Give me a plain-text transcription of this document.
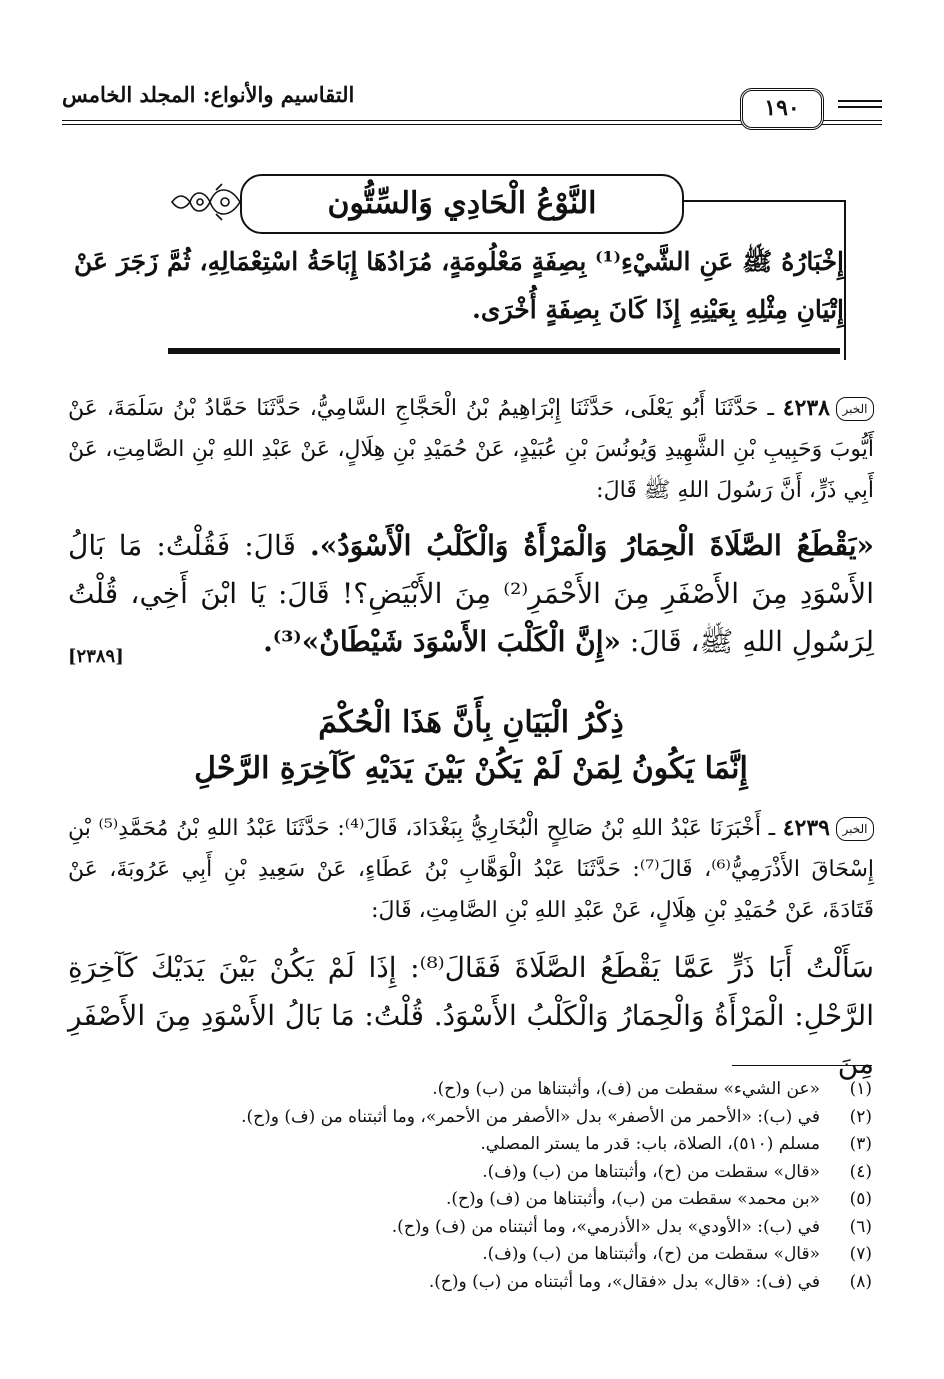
التقاسيم والأنواع: المجلد الخامس
١٩٠
النَّوْعُ الْحَادِي وَالسِّتُّون
إِخْبَارُهُ ﷺ عَنِ الشَّيْءِ⁽¹⁾ بِصِفَةٍ مَعْلُومَةٍ، مُرَادُهَا إِبَاحَةُ اسْتِعْمَالِهِ، ثُمَّ زَجَرَ عَنْ إِتْيَانِ مِثْلِهِ بِعَيْنِهِ إِذَا كَانَ بِصِفَةٍ أُخْرَى.
الخبر٤٢٣٨ ـ حَدَّثَنَا أَبُو يَعْلَى، حَدَّثَنَا إِبْرَاهِيمُ بْنُ الْحَجَّاجِ السَّامِيُّ، حَدَّثَنَا حَمَّادُ بْنُ سَلَمَةَ، عَنْ أَيُّوبَ وَحَبِيبِ بْنِ الشَّهِيدِ وَيُونُسَ بْنِ عُبَيْدٍ، عَنْ حُمَيْدِ بْنِ هِلَالٍ، عَنْ عَبْدِ اللهِ بْنِ الصَّامِتِ، عَنْ أَبِي ذَرٍّ، أَنَّ رَسُولَ اللهِ ﷺ قَالَ:
«يَقْطَعُ الصَّلَاةَ الْحِمَارُ وَالْمَرْأَةُ وَالْكَلْبُ الْأَسْوَدُ». قَالَ: فَقُلْتُ: مَا بَالُ الأَسْوَدِ مِنَ الأَصْفَرِ مِنَ الأَحْمَرِ⁽²⁾ مِنَ الأَبْيَضِ؟! قَالَ: يَا ابْنَ أَخِي، قُلْتُ لِرَسُولِ اللهِ ﷺ، قَالَ: «إِنَّ الْكَلْبَ الأَسْوَدَ شَيْطَانٌ»⁽³⁾.
[٢٣٨٩]
ذِكْرُ الْبَيَانِ بِأَنَّ هَذَا الْحُكْمَ
إِنَّمَا يَكُونُ لِمَنْ لَمْ يَكُنْ بَيْنَ يَدَيْهِ كَآخِرَةِ الرَّحْلِ
الخبر٤٢٣٩ ـ أَخْبَرَنَا عَبْدُ اللهِ بْنُ صَالِحٍ الْبُخَارِيُّ بِبَغْدَادَ، قَالَ⁽⁴⁾: حَدَّثَنَا عَبْدُ اللهِ بْنُ مُحَمَّدِ⁽⁵⁾ بْنِ إِسْحَاقَ الأَذْرَمِيُّ⁽⁶⁾، قَالَ⁽⁷⁾: حَدَّثَنَا عَبْدُ الْوَهَّابِ بْنُ عَطَاءٍ، عَنْ سَعِيدِ بْنِ أَبِي عَرُوبَةَ، عَنْ قَتَادَةَ، عَنْ حُمَيْدِ بْنِ هِلَالٍ، عَنْ عَبْدِ اللهِ بْنِ الصَّامِتِ، قَالَ:
سَأَلْتُ أَبَا ذَرٍّ عَمَّا يَقْطَعُ الصَّلَاةَ فَقَالَ⁽⁸⁾: إِذَا لَمْ يَكُنْ بَيْنَ يَدَيْكَ كَآخِرَةِ الرَّحْلِ: الْمَرْأَةُ وَالْحِمَارُ وَالْكَلْبُ الأَسْوَدُ. قُلْتُ: مَا بَالُ الأَسْوَدِ مِنَ الأَصْفَرِ مِنَ
(١)
«عن الشيء» سقطت من (ف)، وأثبتناها من (ب) و(ح).
(٢)
في (ب): «الأحمر من الأصفر» بدل «الأصفر من الأحمر»، وما أثبتناه من (ف) و(ح).
(٣)
مسلم (٥١٠)، الصلاة، باب: قدر ما يستر المصلي.
(٤)
«قال» سقطت من (ح)، وأثبتناها من (ب) و(ف).
(٥)
«بن محمد» سقطت من (ب)، وأثبتناها من (ف) و(ح).
(٦)
في (ب): «الأودي» بدل «الأذرمي»، وما أثبتناه من (ف) و(ح).
(٧)
«قال» سقطت من (ح)، وأثبتناها من (ب) و(ف).
(٨)
في (ف): «قال» بدل «فقال»، وما أثبتناه من (ب) و(ح).
